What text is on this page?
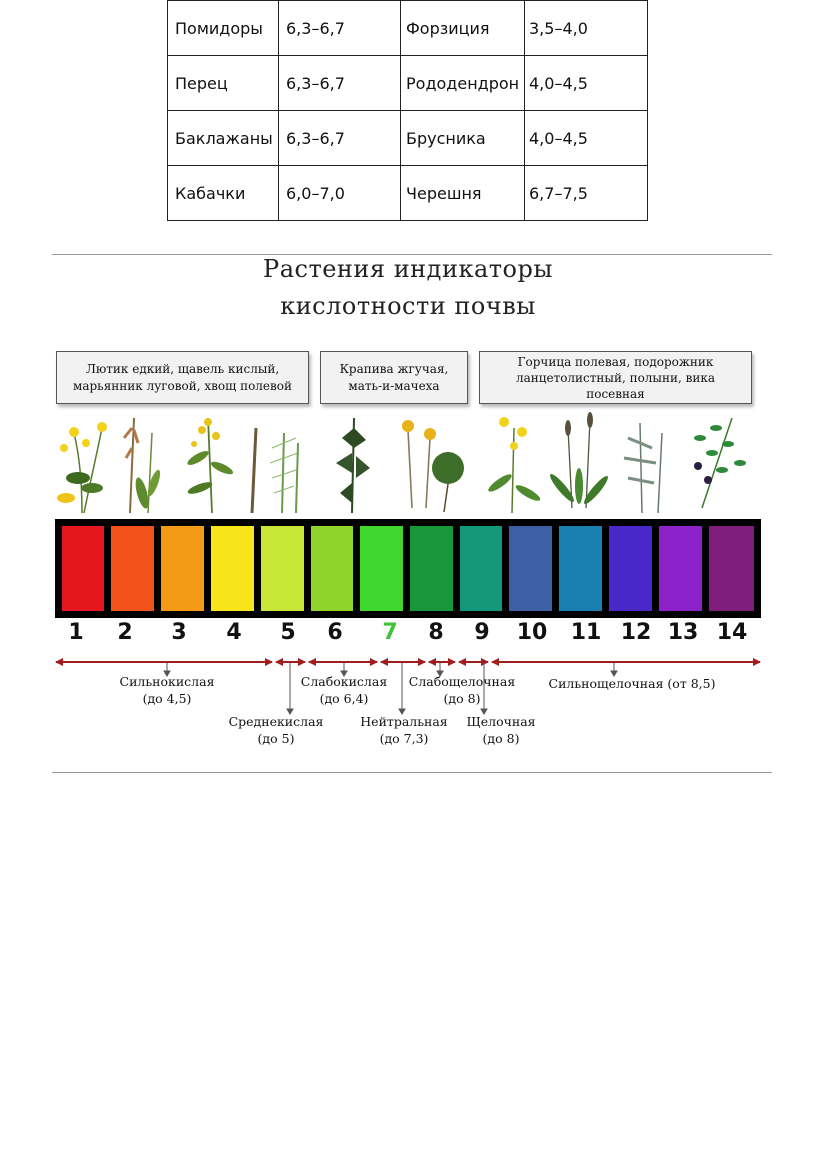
Помидоры	6,3–6,7	Форзиция	3,5–4,0
Перец	6,3–6,7	Рододендрон	4,0–4,5
Баклажаны	6,3–6,7	Брусника	4,0–4,5
Кабачки	6,0–7,0	Черешня	6,7–7,5
Растения индикаторы
кислотности почвы
Лютик едкий, щавель кислый,
марьянник луговой, хвощ полевой
Крапива жгучая,
мать-и-мачеха
Горчица полевая, подорожник
ланцетолистный, полыни, вика
посевная
1	2	3	4	5	6	7	8	9	10 11 12 13 14
Сильнокислая
(до 4,5)
Среднекислая
(до 5)
Слабокислая
(до 6,4)
Нейтральная
(до 7,3)
Слабощелочная
(до 8)
Щелочная
(до 8)
Сильнощелочная (от 8,5)
